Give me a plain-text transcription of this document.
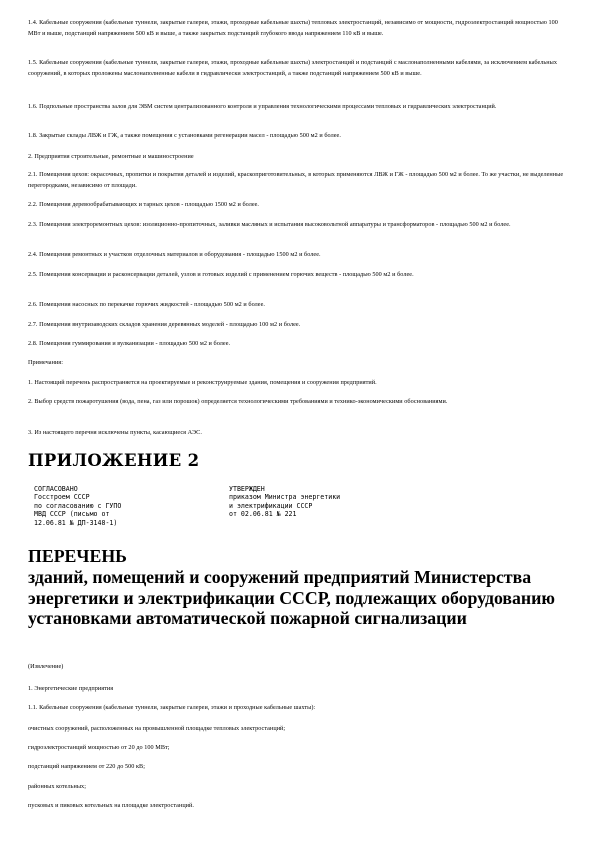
1.4. Кабельные сооружения (кабельные туннели, закрытые галереи, этажи, проходные кабельные шахты) тепловых электростанций, независимо от мощности, гидроэлектростанций мощностью 100 МВт и выше, подстанций напряжением 500 кВ и выше, а также закрытых подстанций глубокого ввода напряжением 110 кВ и выше.
1.5. Кабельные сооружения (кабельные туннели, закрытые галереи, этажи, проходные кабельные шахты) электростанций и подстанций с маслонаполненными кабелями, за исключением кабельных сооружений, в которых проложены маслонаполненные кабели в гидравлически электростанций, а также подстанций напряжением 500 кВ и выше.
1.6. Подпольные пространства залов для ЭВМ систем централизованного контроля и управления технологическими процессами тепловых и гидравлических электростанций.
1.8. Закрытые склады ЛВЖ и ГЖ, а также помещения с установками регенерации масел - площадью 500 м2 и более.
2. Предприятия строительные, ремонтные и машиностроение
2.1. Помещения цехов: окрасочных, пропитки и покрытия деталей и изделий, краскоприготовительных, в которых применяются ЛВЖ и ГЖ - площадью 500 м2 и более. То же участки, не выделенные перегородками, независимо от площади.
2.2. Помещения деревообрабатывающих и тарных цехов - площадью 1500 м2 и более.
2.3. Помещения электроремонтных цехов: изоляционно-пропиточных, заливки масляных и испытания высоковольтной аппаратуры и трансформаторов - площадью 500 м2 и более.
2.4. Помещения ремонтных и участков отделочных материалов и оборудования - площадью 1500 м2 и более.
2.5. Помещения консервации и расконсервации деталей, узлов и готовых изделий с применением горючих веществ - площадью 500 м2 и более.
2.6. Помещения насосных по перекачке горючих жидкостей - площадью 500 м2 и более.
2.7. Помещения внутризаводских складов хранения деревянных моделей - площадью 100 м2 и более.
2.8. Помещения гуммирования и вулканизации - площадью 500 м2 и более.
Примечания:
1. Настоящий перечень распространяется на проектируемые и реконструируемые здания, помещения и сооружения предприятий.
2. Выбор средств пожаротушения (вода, пена, газ или порошок) определяется технологическими требованиями и технико-экономическими обоснованиями.
3. Из настоящего перечня исключены пункты, касающиеся АЭС.
ПРИЛОЖЕНИЕ 2
СОГЛАСОВАНО
Госстроем СССР
по согласованию с ГУПО
МВД СССР (письмо от
12.06.81 № ДП-3148-1)
УТВЕРЖДЕН
приказом Министра энергетики
и электрификации СССР
от 02.06.81 № 221
ПЕРЕЧЕНЬ
зданий, помещений и сооружений предприятий Министерства энергетики и электрификации СССР, подлежащих оборудованию установками автоматической пожарной сигнализации
(Извлечение)
1. Энергетические предприятия
1.1. Кабельные сооружения (кабельные туннели, закрытые галереи, этажи и проходные кабельные шахты):
очистных сооружений, расположенных на промышленной площадке тепловых электростанций;
гидроэлектростанций мощностью от 20 до 100 МВт;
подстанций напряжением от 220 до 500 кВ;
районных котельных;
пусковых и пиковых котельных на площадке электростанций.
